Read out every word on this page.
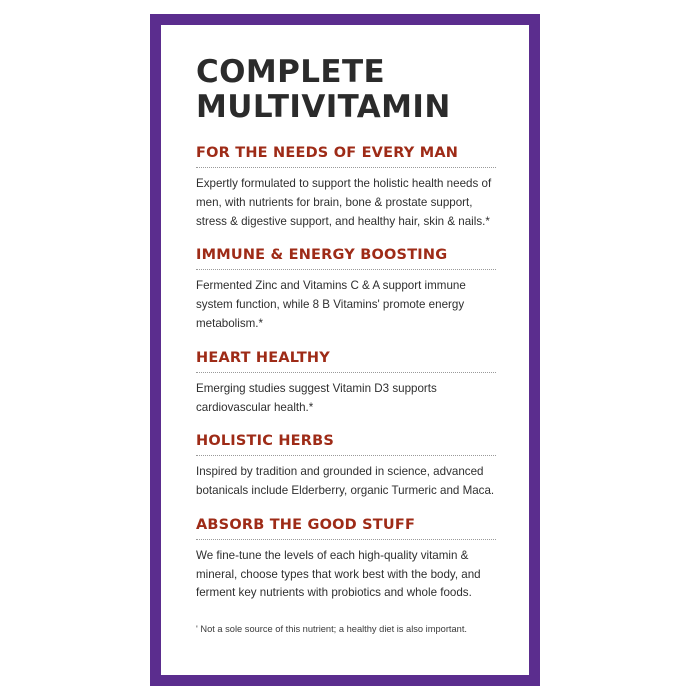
COMPLETE
MULTIVITAMIN
FOR THE NEEDS OF EVERY MAN

Expertly formulated to support the holistic health needs of men, with nutrients for brain, bone & prostate support, stress & digestive support, and healthy hair, skin & nails.*

IMMUNE & ENERGY BOOSTING

Fermented Zinc and Vitamins C & A support immune system function, while 8 B Vitamins' promote energy metabolism.*

HEART HEALTHY

Emerging studies suggest Vitamin D3 supports cardiovascular health.*

HOLISTIC HERBS

Inspired by tradition and grounded in science, advanced botanicals include Elderberry, organic Turmeric and Maca.

ABSORB THE GOOD STUFF

We fine-tune the levels of each high-quality vitamin & mineral, choose types that work best with the body, and ferment key nutrients with probiotics and whole foods.

' Not a sole source of this nutrient; a healthy diet is also important.
